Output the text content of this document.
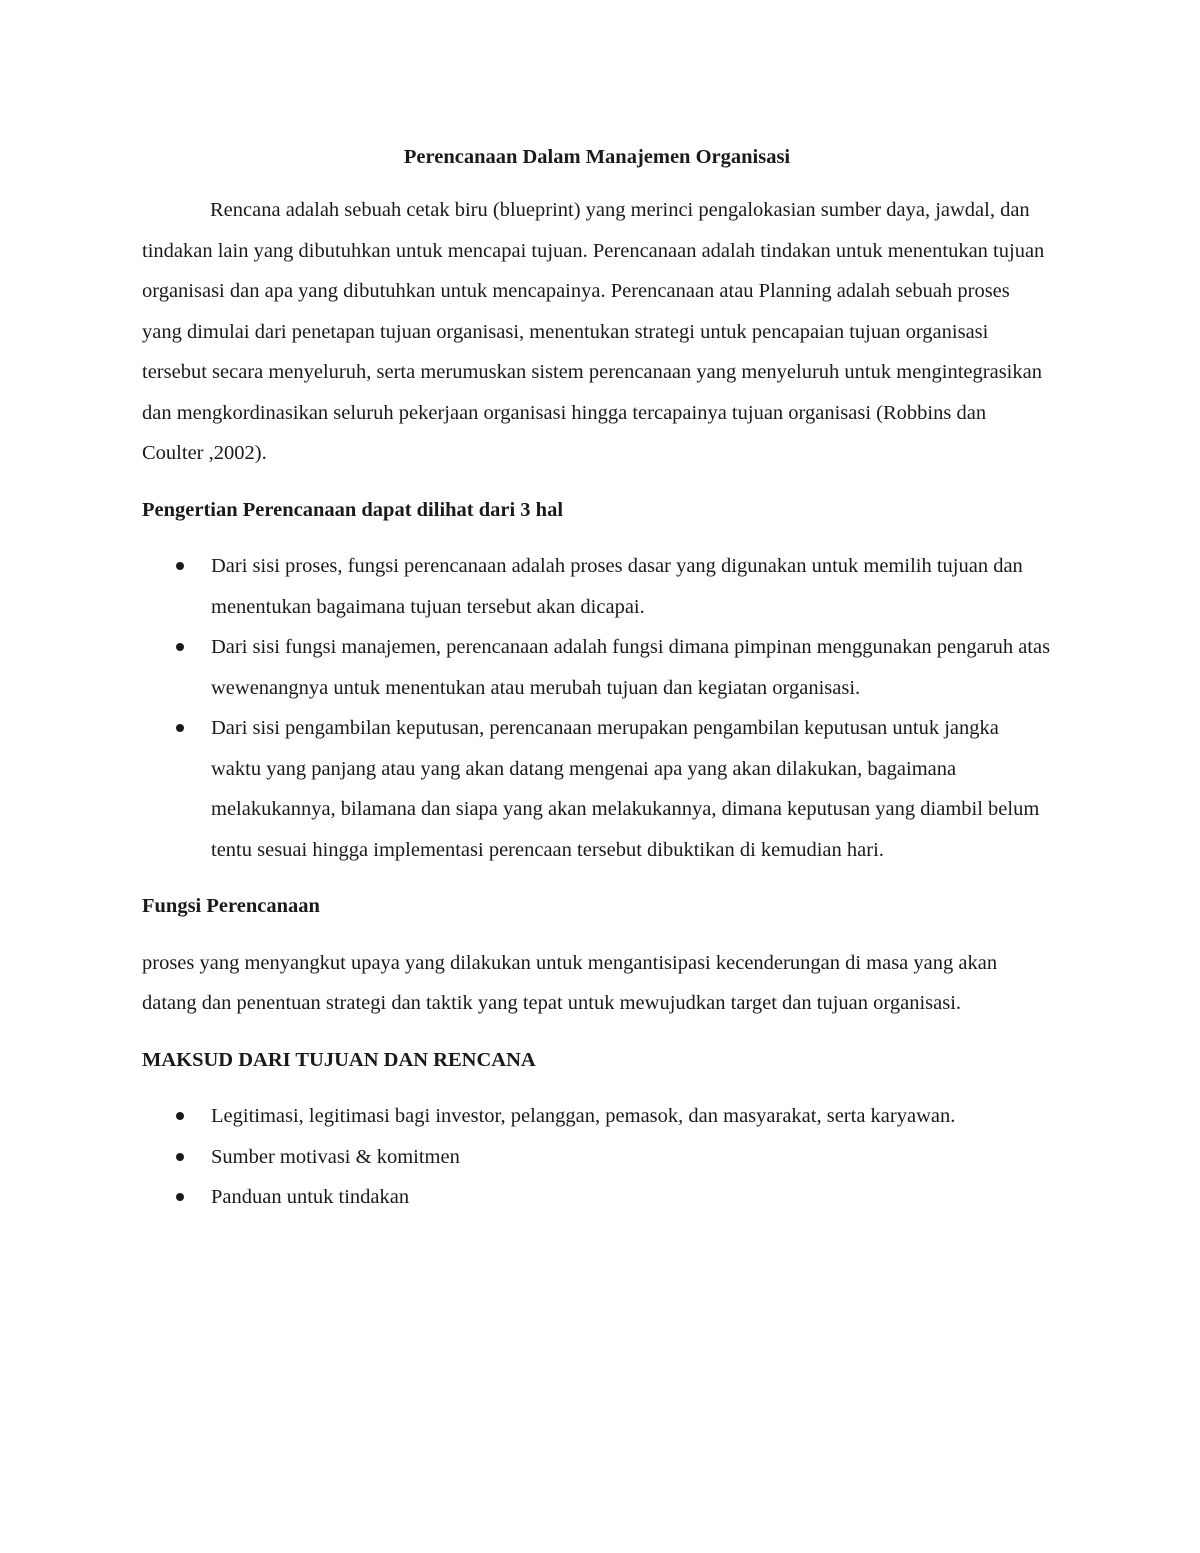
Perencanaan Dalam Manajemen Organisasi

Rencana adalah sebuah cetak biru (blueprint) yang merinci pengalokasian sumber daya, jawdal, dan tindakan lain yang dibutuhkan untuk mencapai tujuan. Perencanaan adalah tindakan untuk menentukan tujuan organisasi dan apa yang dibutuhkan untuk mencapainya. Perencanaan atau Planning adalah sebuah proses yang dimulai dari penetapan tujuan organisasi, menentukan strategi untuk pencapaian tujuan organisasi tersebut secara menyeluruh, serta merumuskan sistem perencanaan yang menyeluruh untuk mengintegrasikan dan mengkordinasikan seluruh pekerjaan organisasi hingga tercapainya tujuan organisasi (Robbins dan Coulter ,2002).

Pengertian Perencanaan dapat dilihat dari 3 hal

Dari sisi proses, fungsi perencanaan adalah proses dasar yang digunakan untuk memilih tujuan dan menentukan bagaimana tujuan tersebut akan dicapai.
Dari sisi fungsi manajemen, perencanaan adalah fungsi dimana pimpinan menggunakan pengaruh atas wewenangnya untuk menentukan atau merubah tujuan dan kegiatan organisasi.
Dari sisi pengambilan keputusan, perencanaan merupakan pengambilan keputusan untuk jangka waktu yang panjang atau yang akan datang mengenai apa yang akan dilakukan, bagaimana melakukannya, bilamana dan siapa yang akan melakukannya, dimana keputusan yang diambil belum tentu sesuai hingga implementasi perencaan tersebut dibuktikan di kemudian hari.

Fungsi Perencanaan

proses yang menyangkut upaya yang dilakukan untuk mengantisipasi kecenderungan di masa yang akan datang dan penentuan strategi dan taktik yang tepat untuk mewujudkan target dan tujuan organisasi.

MAKSUD DARI TUJUAN DAN RENCANA

Legitimasi, legitimasi bagi investor, pelanggan, pemasok, dan masyarakat, serta karyawan.
Sumber motivasi & komitmen
Panduan untuk tindakan
